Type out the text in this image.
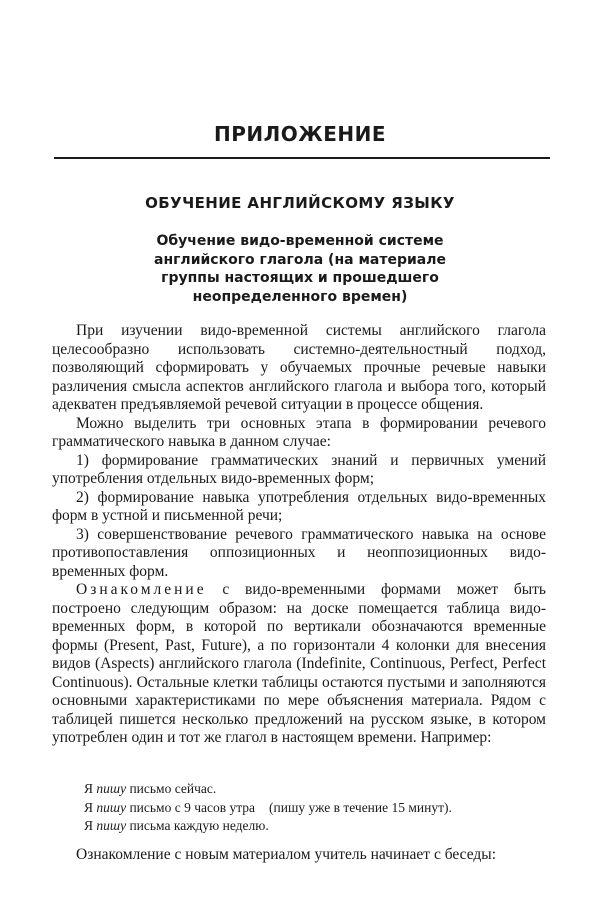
ПРИЛОЖЕНИЕ
ОБУЧЕНИЕ АНГЛИЙСКОМУ ЯЗЫКУ
Обучение видо-временной системе английского глагола (на материале группы настоящих и прошедшего неопределенного времен)

При изучении видо-временной системы английского глагола целесообразно использовать системно-деятельностный подход, позволяющий сформировать у обучаемых прочные речевые навыки различения смысла аспектов английского глагола и выбора того, который адекватен предъявляемой речевой ситуации в процессе общения.

Можно выделить три основных этапа в формировании речевого грамматического навыка в данном случае:

1) формирование грамматических знаний и первичных умений употребления отдельных видо-временных форм;

2) формирование навыка употребления отдельных видо-временных форм в устной и письменной речи;

3) совершенствование речевого грамматического навыка на основе противопоставления оппозиционных и неоппозиционных видо-временных форм.

Ознакомление с видо-временными формами может быть построено следующим образом: на доске помещается таблица видо-временных форм, в которой по вертикали обозначаются временные формы (Present, Past, Future), а по горизонтали 4 колонки для внесения видов (Aspects) английского глагола (Indefinite, Continuous, Perfect, Perfect Continuous). Остальные клетки таблицы остаются пустыми и заполняются основными характеристиками по мере объяснения материала. Рядом с таблицей пишется несколько предложений на русском языке, в котором употреблен один и тот же глагол в настоящем времени. Например:

Я пишу письмо сейчас.
Я пишу письмо с 9 часов утра (пишу уже в течение 15 минут).
Я пишу письма каждую неделю.

Ознакомление с новым материалом учитель начинает с беседы:
